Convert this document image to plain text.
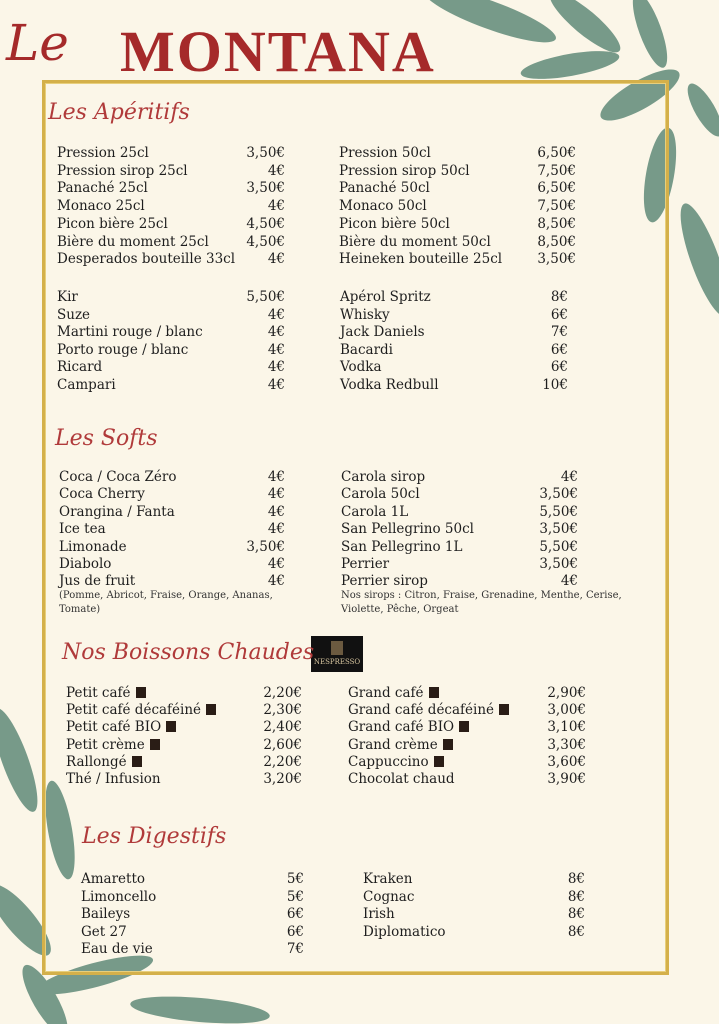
Le MONTANA
NESPRESSO
Les Apéritifs
Pression 25cl	3,50€
Pression sirop 25cl	4€
Panaché 25cl	3,50€
Monaco 25cl	4€
Picon bière 25cl	4,50€
Bière du moment 25cl	4,50€
Desperados bouteille 33cl 4€
Pression 50cl	6,50€
Pression sirop 50cl	7,50€
Panaché 50cl	6,50€
Monaco 50cl	7,50€
Picon bière 50cl	8,50€
Bière du moment 50cl	8,50€
Heineken bouteille 25cl	3,50€
Kir	5,50€
Suze	4€
Martini rouge / blanc	4€
Porto rouge / blanc	4€
Ricard	4€
Campari	4€
Apérol Spritz	8€
Whisky	6€
Jack Daniels	7€
Bacardi	6€
Vodka	6€
Vodka Redbull	10€
Les Softs
Coca / Coca Zéro	4€
Coca Cherry	4€
Orangina / Fanta	4€
Ice tea	4€
Limonade	3,50€
Diabolo	4€
Jus de fruit	4€
Carola sirop	4€
Carola 50cl	3,50€
Carola 1L	5,50€
San Pellegrino 50cl	3,50€
San Pellegrino 1L	5,50€
Perrier	3,50€
Perrier sirop	4€
(Pomme, Abricot, Fraise, Orange, Ananas, Tomate)
Nos sirops : Citron, Fraise, Grenadine, Menthe, Cerise, Violette, Pêche, Orgeat
Nos Boissons Chaudes
Petit café	2,20€
Petit café décaféiné	2,30€
Petit café BIO	2,40€
Petit crème	2,60€
Rallongé	2,20€
Thé / Infusion	3,20€
Grand café	2,90€
Grand café décaféiné	3,00€
Grand café BIO	3,10€
Grand crème	3,30€
Cappuccino	3,60€
Chocolat chaud	3,90€
Les Digestifs
Amaretto	5€
Limoncello	5€
Baileys	6€
Get 27	6€
Eau de vie	7€
Kraken	8€
Cognac	8€
Irish	8€
Diplomatico	8€
